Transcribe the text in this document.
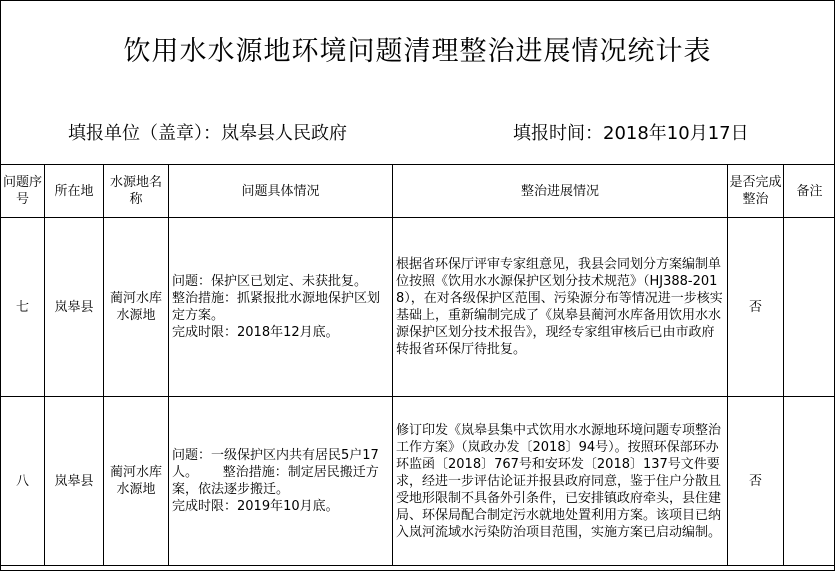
饮用水水源地环境问题清理整治进展情况统计表
填报单位（盖章）：岚皋县人民政府	填报时间：2018年10月17日
问题序号	所在地	水源地名称	问题具体情况	整治进展情况	是否完成整治	备注
七	岚皋县	蔺河水库水源地	问题：保护区已划定、未获批复。
整治措施：抓紧报批水源地保护区划定方案。
完成时限：2018年12月底。	根据省环保厅评审专家组意见，我县会同划分方案编制单位按照《饮用水水源保护区划分技术规范》（HJ388-2018），在对各级保护区范围、污染源分布等情况进一步核实基础上，重新编制完成了《岚皋县蔺河水库备用饮用水水源保护区划分技术报告》，现经专家组审核后已由市政府转报省环保厅待批复。	否	
八	岚皋县	蔺河水库水源地	问题：一级保护区内共有居民5户17人。      整治措施：制定居民搬迁方案，依法逐步搬迁。
完成时限：2019年10月底。	修订印发《岚皋县集中式饮用水水源地环境问题专项整治工作方案》（岚政办发〔2018〕94号）。按照环保部环办环监函〔2018〕767号和安环发〔2018〕137号文件要求，经进一步评估论证并报县政府同意，鉴于住户分散且受地形限制不具备外引条件，已安排镇政府牵头，县住建局、环保局配合制定污水就地处置利用方案。该项目已纳入岚河流域水污染防治项目范围，实施方案已启动编制。	否	
